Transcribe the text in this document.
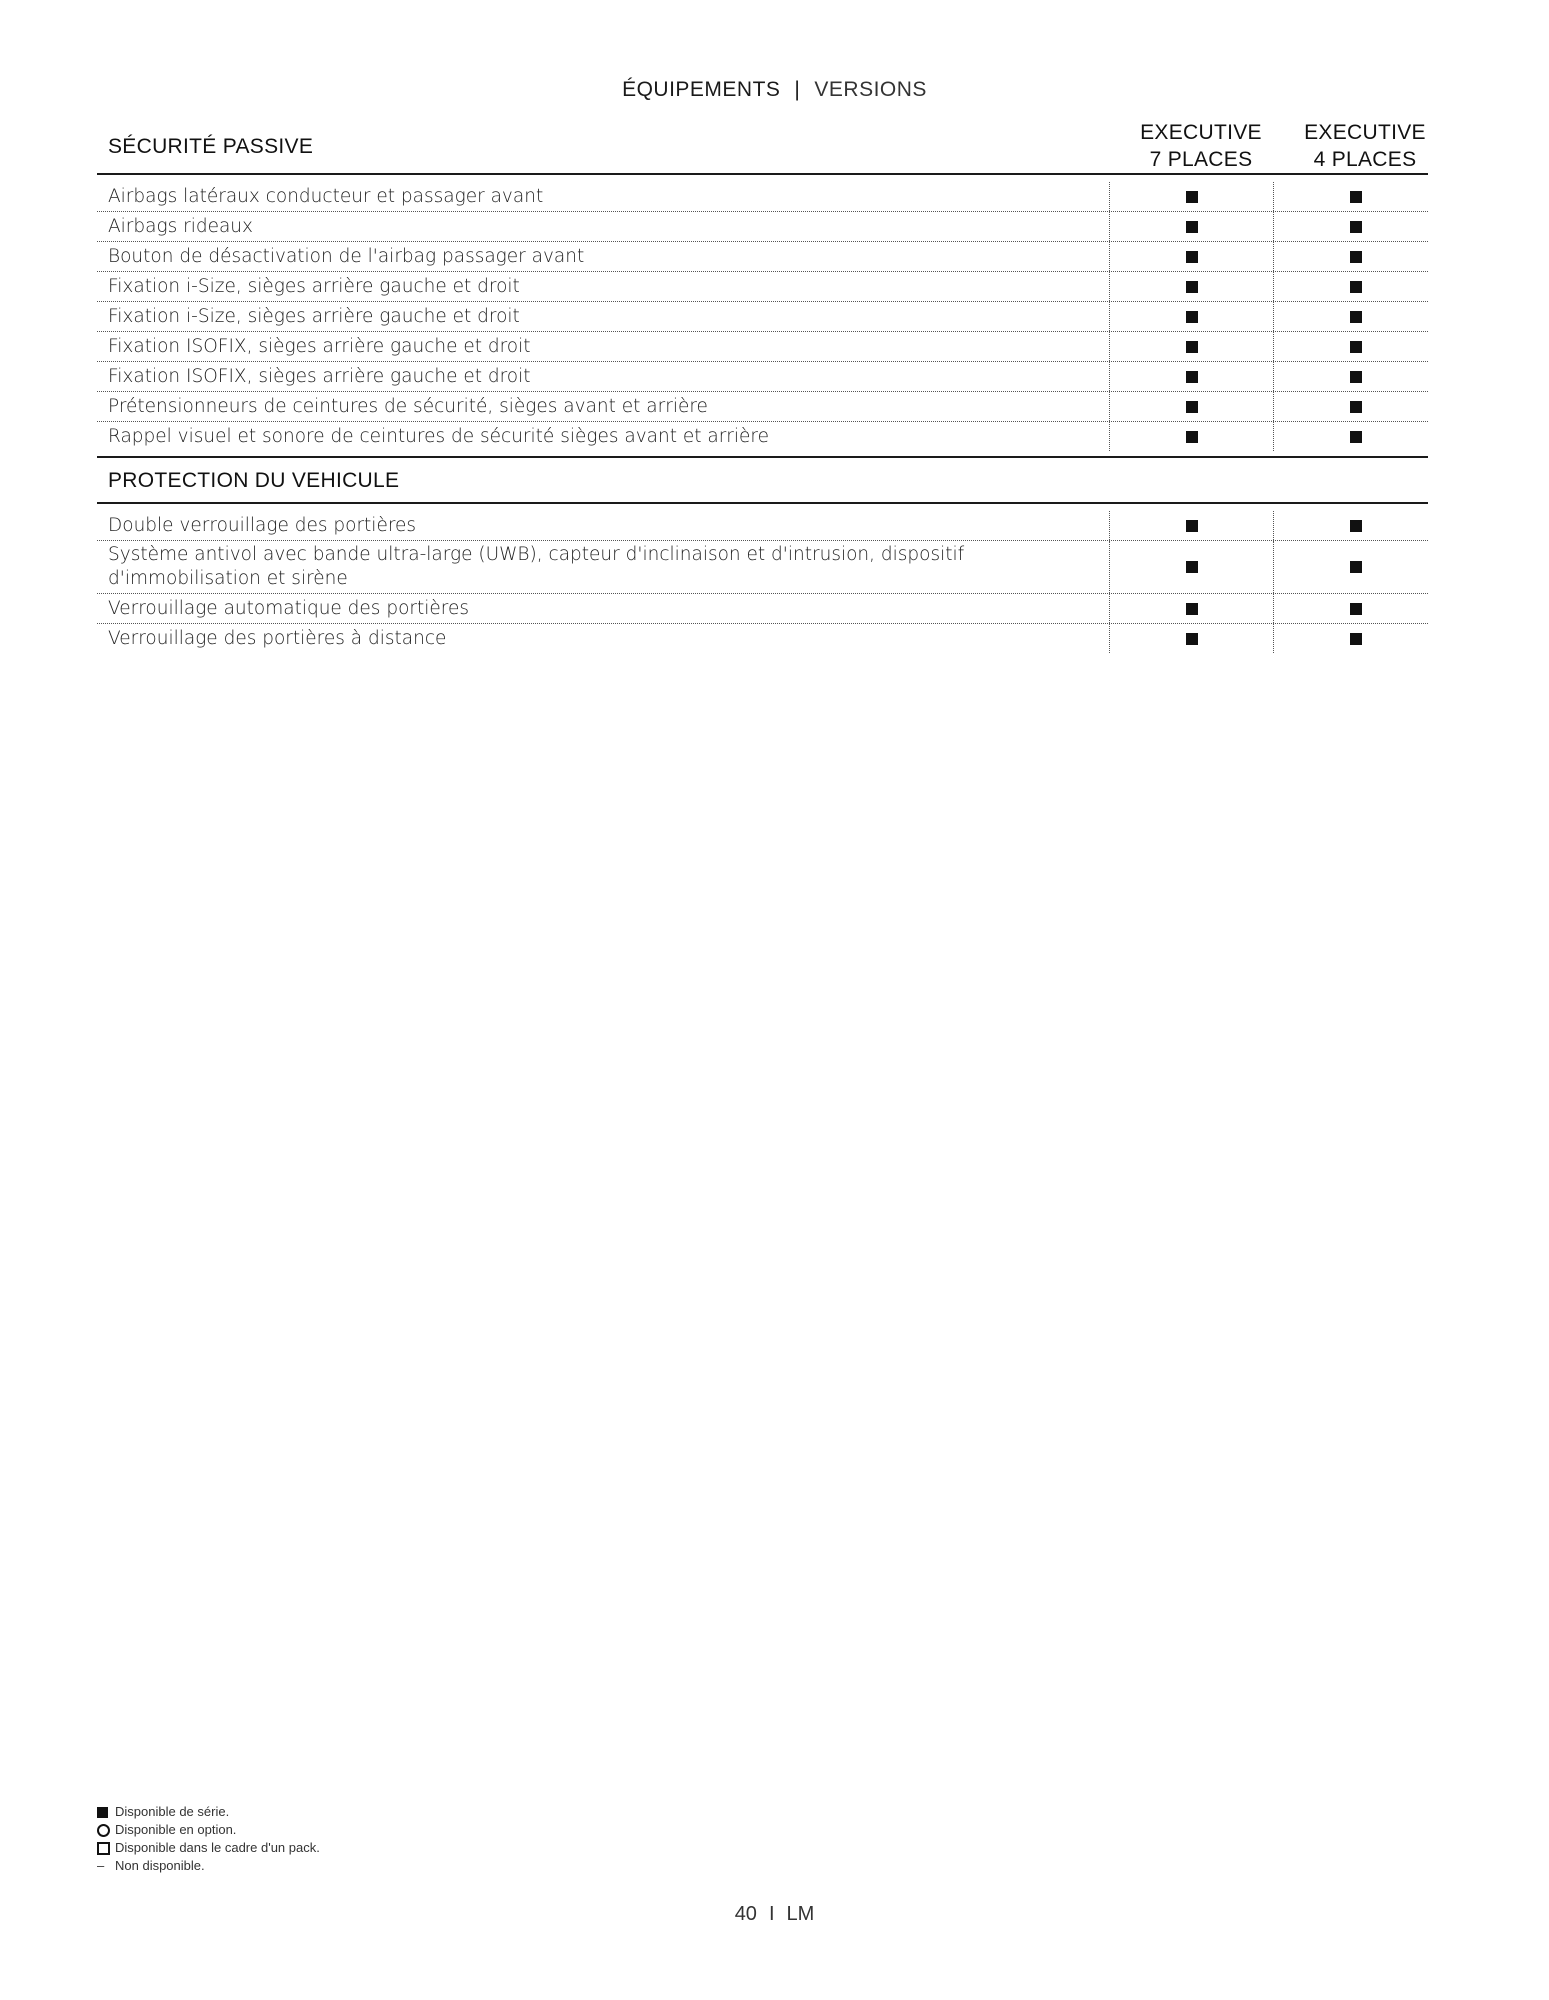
ÉQUIPEMENTS | VERSIONS
SÉCURITÉ PASSIVE
EXECUTIVE
7 PLACES
EXECUTIVE
4 PLACES
Airbags latéraux conducteur et passager avant
Airbags rideaux
Bouton de désactivation de l'airbag passager avant
Fixation i-Size, sièges arrière gauche et droit
Fixation i-Size, sièges arrière gauche et droit
Fixation ISOFIX, sièges arrière gauche et droit
Fixation ISOFIX, sièges arrière gauche et droit
Prétensionneurs de ceintures de sécurité, sièges avant et arrière
Rappel visuel et sonore de ceintures de sécurité sièges avant et arrière
PROTECTION DU VEHICULE
Double verrouillage des portières
Système antivol avec bande ultra-large (UWB), capteur d'inclinaison et d'intrusion, dispositif d'immobilisation et sirène
Verrouillage automatique des portières
Verrouillage des portières à distance
Disponible de série.
Disponible en option.
Disponible dans le cadre d'un pack.
– Non disponible.
40 I LM
